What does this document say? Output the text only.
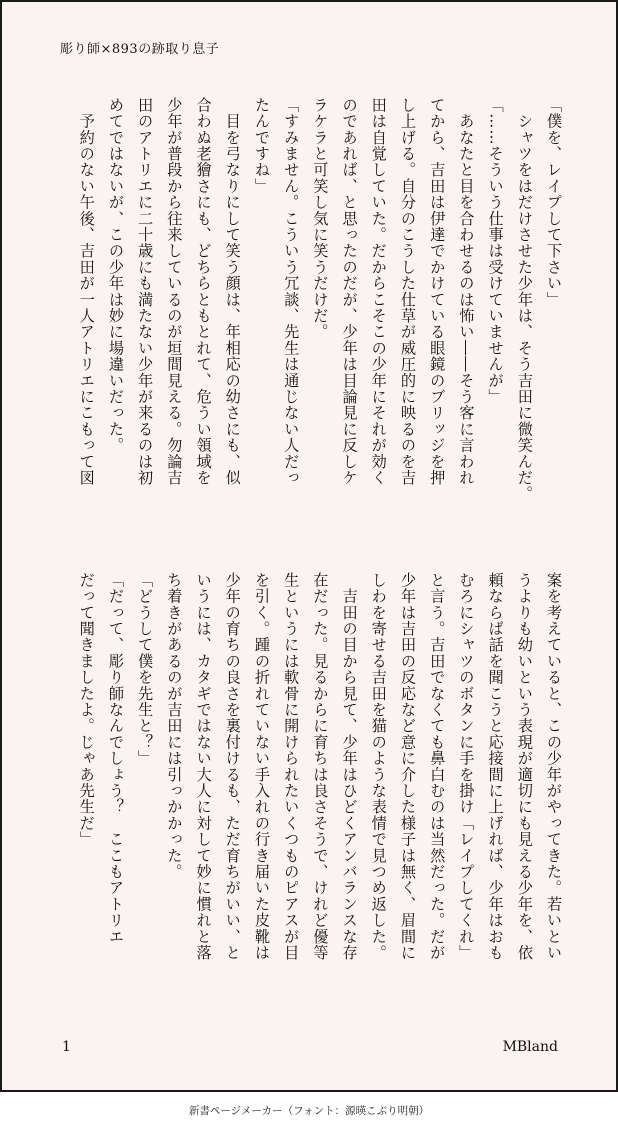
彫り師×893の跡取り息子
「僕を、レイプして下さい」
　シャツをはだけさせた少年は、そう吉田に微笑んだ。
「……そういう仕事は受けていませんが」
　あなたと目を合わせるのは怖い――そう客に言われ
てから、吉田は伊達でかけている眼鏡のブリッジを押
し上げる。自分のこうした仕草が威圧的に映るのを吉
田は自覚していた。だからこそこの少年にそれが効く
のであれば、と思ったのだが、少年は目論見に反しケ
ラケラと可笑し気に笑うだけだ。
「すみません。こういう冗談、先生は通じない人だっ
たんですね」
　目を弓なりにして笑う顔は、年相応の幼さにも、似
合わぬ老獪さにも、どちらともとれて、危うい領域を
少年が普段から往来しているのが垣間見える。勿論吉
田のアトリエに二十歳にも満たない少年が来るのは初
めてではないが、この少年は妙に場違いだった。
　予約のない午後、吉田が一人アトリエにこもって図
案を考えていると、この少年がやってきた。若いとい
うよりも幼いという表現が適切にも見える少年を、依
頼ならば話を聞こうと応接間に上げれば、少年はおも
むろにシャツのボタンに手を掛け「レイプしてくれ」
と言う。吉田でなくても鼻白むのは当然だった。だが
少年は吉田の反応など意に介した様子は無く、眉間に
しわを寄せる吉田を猫のような表情で見つめ返した。
　吉田の目から見て、少年はひどくアンバランスな存
在だった。見るからに育ちは良さそうで、けれど優等
生というには軟骨に開けられたいくつものピアスが目
を引く。踵の折れていない手入れの行き届いた皮靴は
少年の育ちの良さを裏付けるも、ただ育ちがいい、と
いうには、カタギではない大人に対して妙に慣れと落
ち着きがあるのが吉田には引っかかった。
「どうして僕を先生と？」
「だって、彫り師なんでしょう？　ここもアトリエ
だって聞きましたよ。じゃあ先生だ」
1	MBland
新書ページメーカー（フォント：源暎こぶり明朝）
